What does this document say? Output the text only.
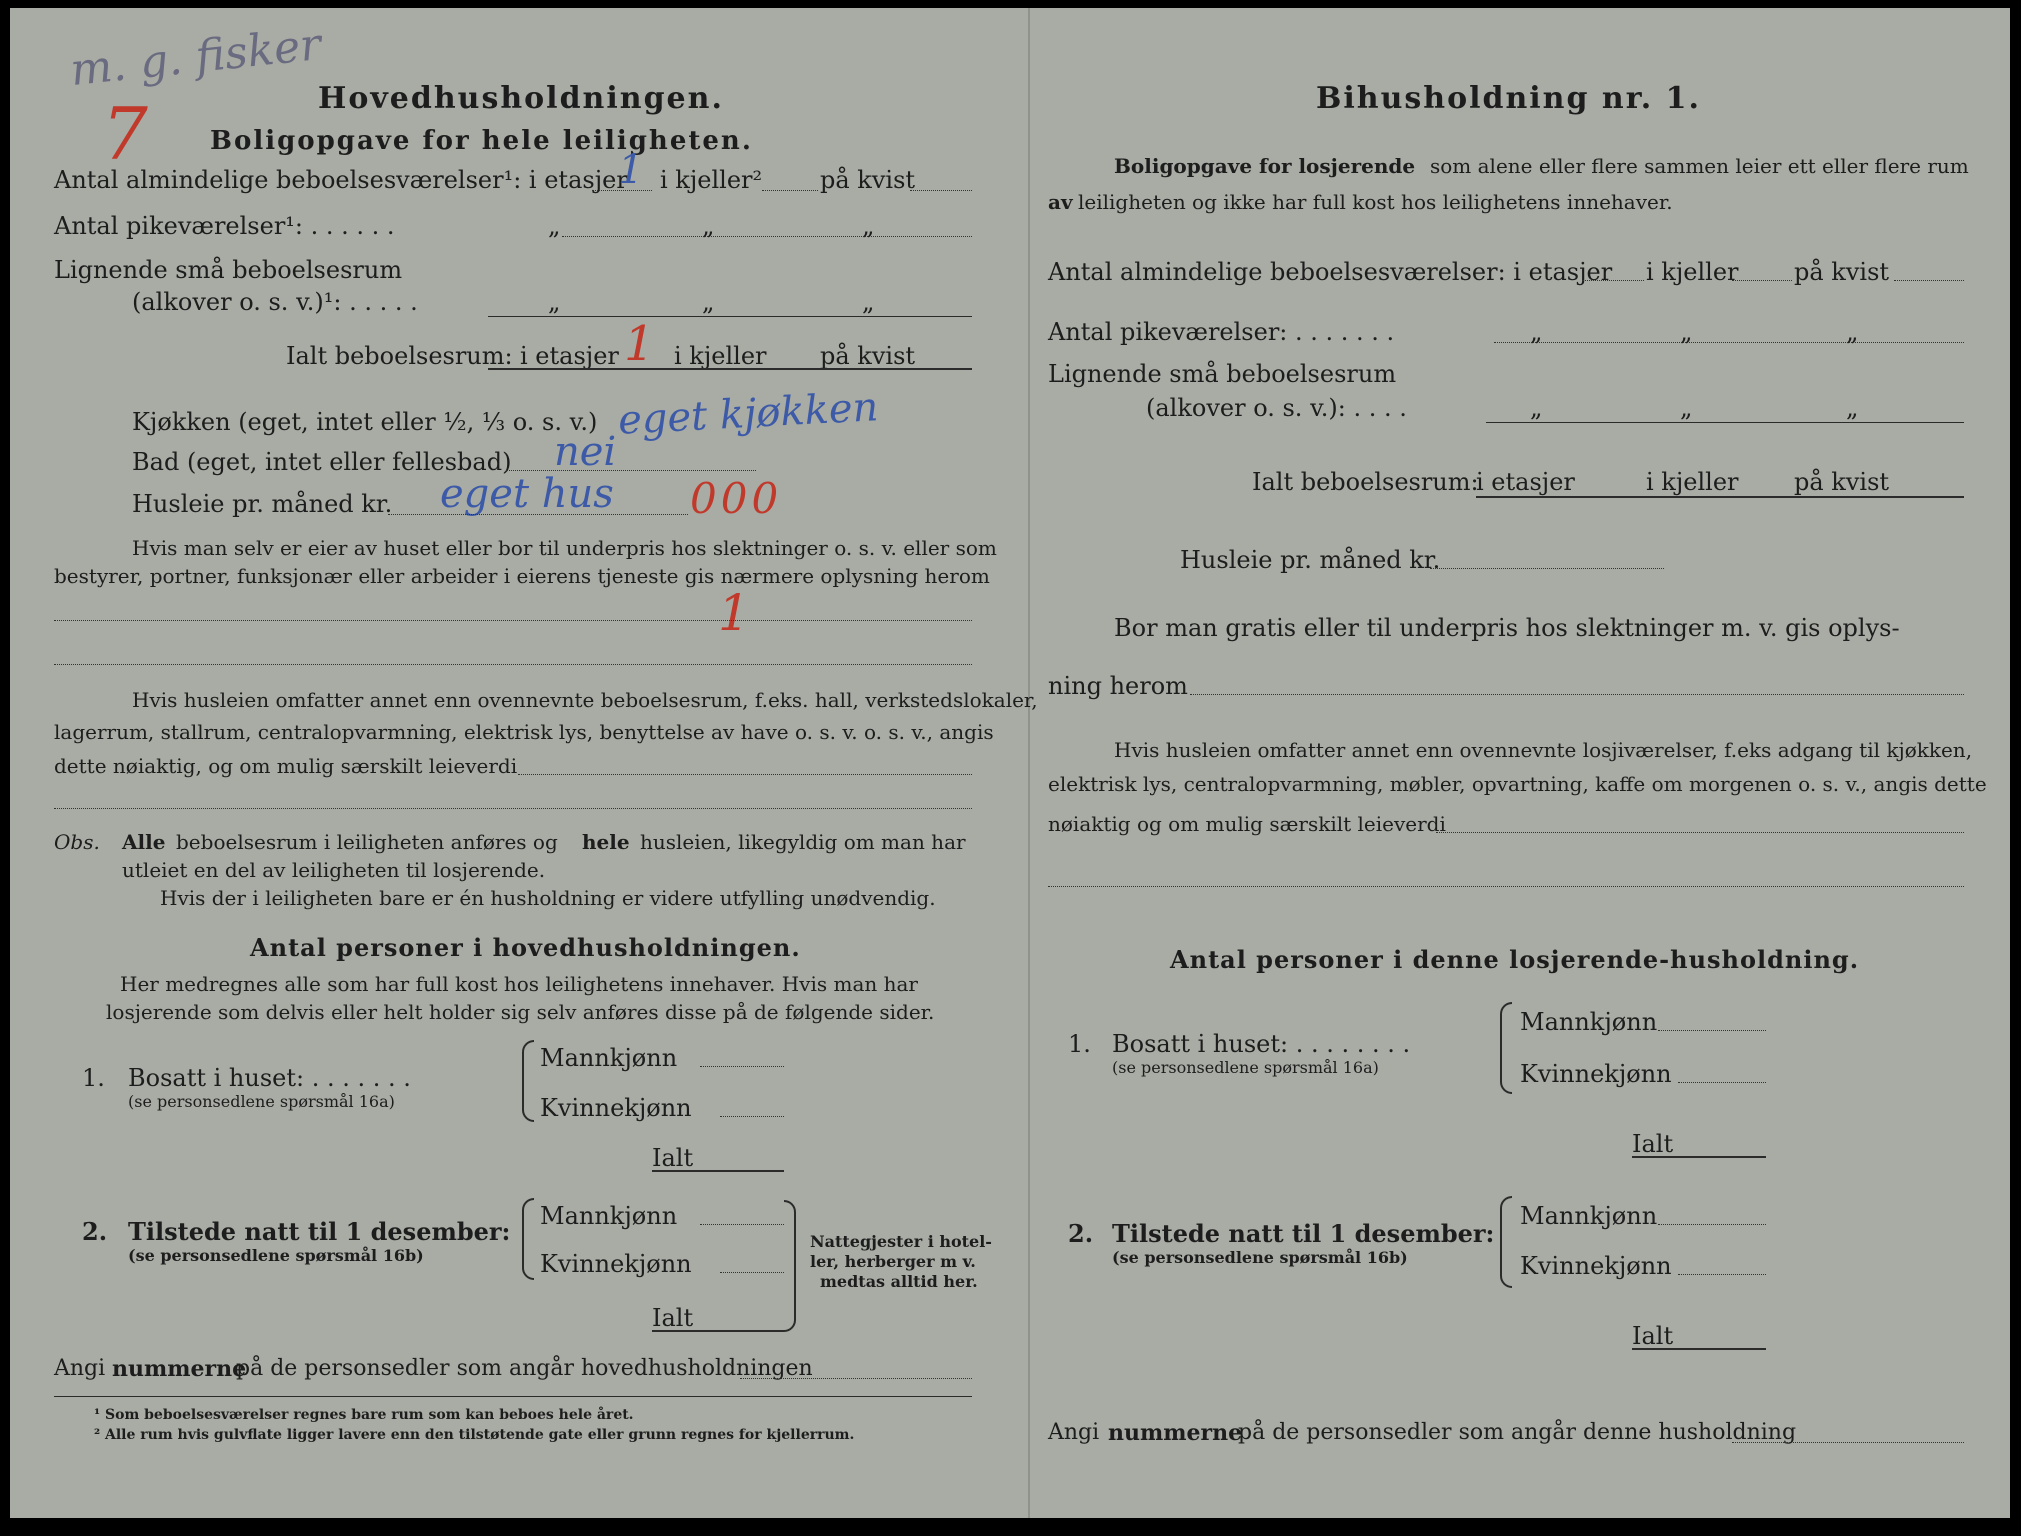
m. g. fisker
7	Hovedhusholdningen.
Boligopgave for hele leiligheten.
Antal almindelige beboelsesværelser¹: i etasjer
1 i kjeller² på kvist
Antal pikeværelser¹: . . . . . .	„	„	„
Lignende små beboelsesrum
(alkover o. s. v.)¹: . . . . .	„	„	„
Ialt beboelsesrum: i etasjer 1 i kjeller på kvist
Kjøkken (eget, intet eller ½, ⅓ o. s. v.) eget kjøkken
Bad (eget, intet eller fellesbad) nei
Husleie pr. måned kr. eget hus 000
Hvis man selv er eier av huset eller bor til underpris hos slektninger o. s. v. eller som
bestyrer, portner, funksjonær eller arbeider i eierens tjeneste gis nærmere oplysning herom
1
Hvis husleien omfatter annet enn ovennevnte beboelsesrum, f.eks. hall, verkstedslokaler,
lagerrum, stallrum, centralopvarmning, elektrisk lys, benyttelse av have o. s. v. o. s. v., angis
dette nøiaktig, og om mulig særskilt leieverdi
Obs. Alle beboelsesrum i leiligheten anføres og hele husleien, likegyldig om man har
utleiet en del av leiligheten til losjerende.
Hvis der i leiligheten bare er én husholdning er videre utfylling unødvendig.
Antal personer i hovedhusholdningen.
Her medregnes alle som har full kost hos leilighetens innehaver. Hvis man har
losjerende som delvis eller helt holder sig selv anføres disse på de følgende sider.
1. Bosatt i huset: . . . . . . .
(se personsedlene spørsmål 16a)
Mannkjønn
Kvinnekjønn
Ialt
2. Tilstede natt til 1 desember:
(se personsedlene spørsmål 16b)
Mannkjønn
Kvinnekjønn
Ialt
Nattegjester i hotel-
ler, herberger m v.
medtas alltid her.
Angi nummerne
på de personsedler som angår hovedhusholdningen
¹ Som beboelsesværelser regnes bare rum som kan beboes hele året.
² Alle rum hvis gulvflate ligger lavere enn den tilstøtende gate eller grunn regnes for kjellerrum.
Bihusholdning nr. 1.
Boligopgave for losjerende som alene eller flere sammen leier ett eller flere rum
av leiligheten og ikke har full kost hos leilighetens innehaver.
Antal almindelige beboelsesværelser: i etasjer i kjeller på kvist
Antal pikeværelser: . . . . . . .	„	„	„
Lignende små beboelsesrum
(alkover o. s. v.): . . . .	„	„	„
Ialt beboelsesrum:
i etasjer	i kjeller på kvist
Husleie pr. måned kr.
Bor man gratis eller til underpris hos slektninger m. v. gis oplys-
ning herom
Hvis husleien omfatter annet enn ovennevnte losjiværelser, f.eks adgang til kjøkken,
elektrisk lys, centralopvarmning, møbler, opvartning, kaffe om morgenen o. s. v., angis dette
nøiaktig og om mulig særskilt leieverdi
Antal personer i denne losjerende-husholdning.
1. Bosatt i huset: . . . . . . . .
(se personsedlene spørsmål 16a)
Mannkjønn
Kvinnekjønn
Ialt
2. Tilstede natt til 1 desember:
(se personsedlene spørsmål 16b)
Mannkjønn
Kvinnekjønn
Ialt
Angi nummerne
på de personsedler som angår denne husholdning
